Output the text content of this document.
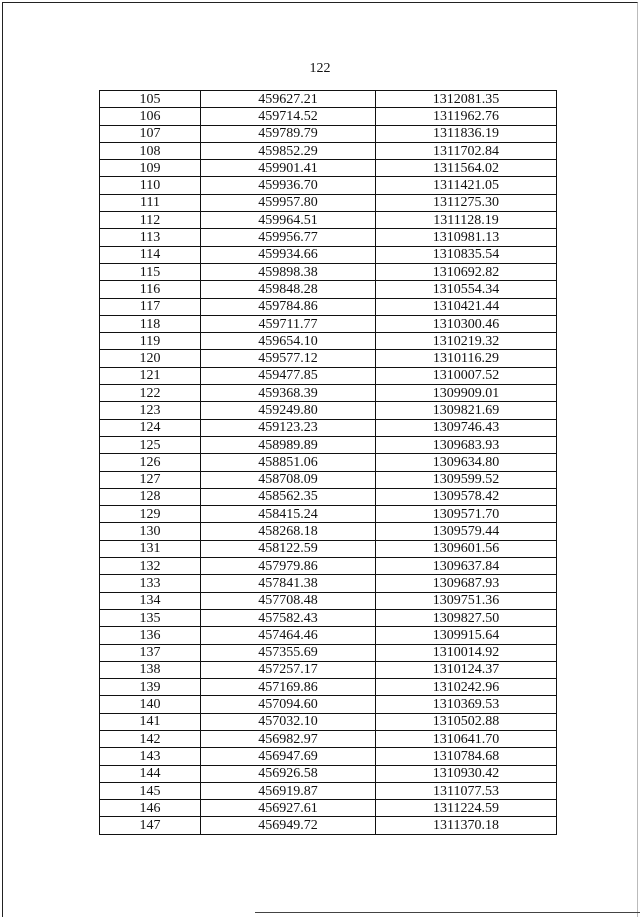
122
105	459627.21	1312081.35
106	459714.52	1311962.76
107	459789.79	1311836.19
108	459852.29	1311702.84
109	459901.41	1311564.02
110	459936.70	1311421.05
111	459957.80	1311275.30
112	459964.51	1311128.19
113	459956.77	1310981.13
114	459934.66	1310835.54
115	459898.38	1310692.82
116	459848.28	1310554.34
117	459784.86	1310421.44
118	459711.77	1310300.46
119	459654.10	1310219.32
120	459577.12	1310116.29
121	459477.85	1310007.52
122	459368.39	1309909.01
123	459249.80	1309821.69
124	459123.23	1309746.43
125	458989.89	1309683.93
126	458851.06	1309634.80
127	458708.09	1309599.52
128	458562.35	1309578.42
129	458415.24	1309571.70
130	458268.18	1309579.44
131	458122.59	1309601.56
132	457979.86	1309637.84
133	457841.38	1309687.93
134	457708.48	1309751.36
135	457582.43	1309827.50
136	457464.46	1309915.64
137	457355.69	1310014.92
138	457257.17	1310124.37
139	457169.86	1310242.96
140	457094.60	1310369.53
141	457032.10	1310502.88
142	456982.97	1310641.70
143	456947.69	1310784.68
144	456926.58	1310930.42
145	456919.87	1311077.53
146	456927.61	1311224.59
147	456949.72	1311370.18
